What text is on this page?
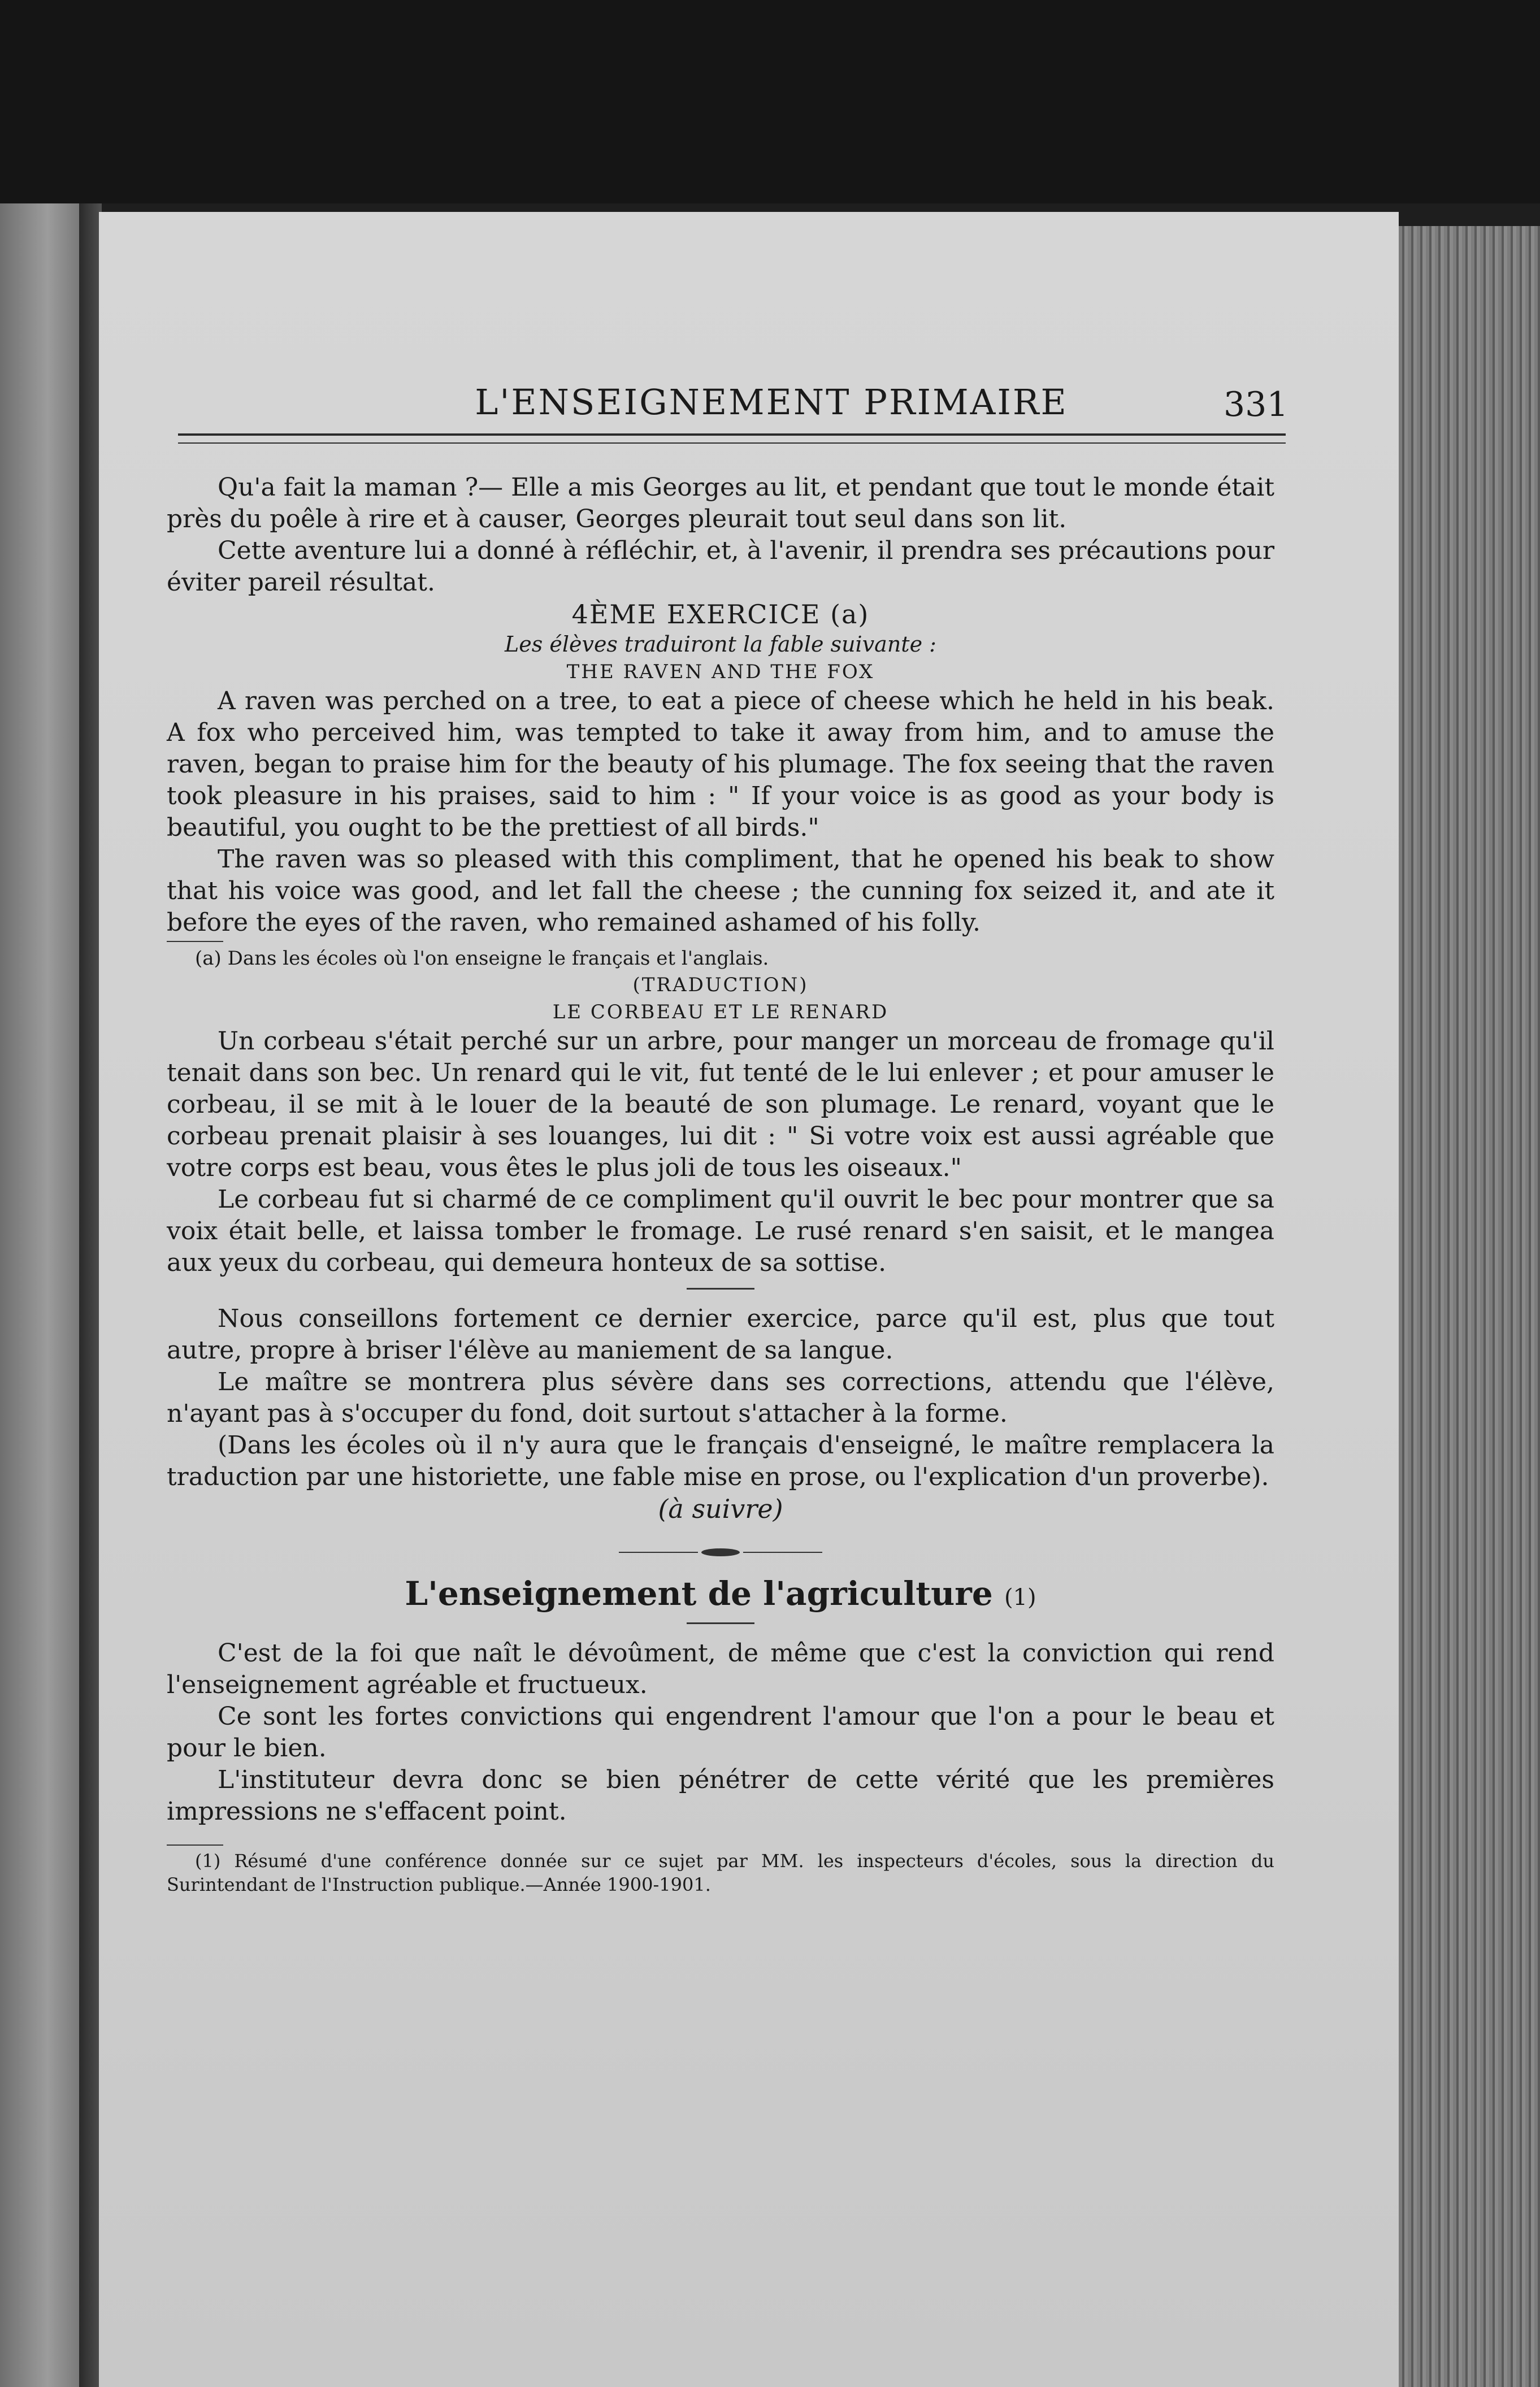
L'ENSEIGNEMENT PRIMAIRE	331

Qu'a fait la maman ?— Elle a mis Georges au lit, et pendant que tout le monde était près du poêle à rire et à causer, Georges pleurait tout seul dans son lit.

Cette aventure lui a donné à réfléchir, et, à l'avenir, il prendra ses précautions pour éviter pareil résultat.

4ÈME EXERCICE (a)

Les élèves traduiront la fable suivante :

THE RAVEN AND THE FOX

A raven was perched on a tree, to eat a piece of cheese which he held in his beak. A fox who perceived him, was tempted to take it away from him, and to amuse the raven, began to praise him for the beauty of his plumage. The fox seeing that the raven took pleasure in his praises, said to him : " If your voice is as good as your body is beautiful, you ought to be the prettiest of all birds."

The raven was so pleased with this compliment, that he opened his beak to show that his voice was good, and let fall the cheese ; the cunning fox seized it, and ate it before the eyes of the raven, who remained ashamed of his folly.

(a) Dans les écoles où l'on enseigne le français et l'anglais.

(TRADUCTION)

LE CORBEAU ET LE RENARD

Un corbeau s'était perché sur un arbre, pour manger un morceau de fromage qu'il tenait dans son bec. Un renard qui le vit, fut tenté de le lui enlever ; et pour amuser le corbeau, il se mit à le louer de la beauté de son plumage. Le renard, voyant que le corbeau prenait plaisir à ses louanges, lui dit : " Si votre voix est aussi agréable que votre corps est beau, vous êtes le plus joli de tous les oiseaux."

Le corbeau fut si charmé de ce compliment qu'il ouvrit le bec pour montrer que sa voix était belle, et laissa tomber le fromage. Le rusé renard s'en saisit, et le mangea aux yeux du corbeau, qui demeura honteux de sa sottise.

Nous conseillons fortement ce dernier exercice, parce qu'il est, plus que tout autre, propre à briser l'élève au maniement de sa langue.

Le maître se montrera plus sévère dans ses corrections, attendu que l'élève, n'ayant pas à s'occuper du fond, doit surtout s'attacher à la forme.

(Dans les écoles où il n'y aura que le français d'enseigné, le maître remplacera la traduction par une historiette, une fable mise en prose, ou l'explication d'un proverbe).

(à suivre)

L'enseignement de l'agriculture (1)

C'est de la foi que naît le dévoûment, de même que c'est la conviction qui rend l'enseignement agréable et fructueux.

Ce sont les fortes convictions qui engendrent l'amour que l'on a pour le beau et pour le bien.

L'instituteur devra donc se bien pénétrer de cette vérité que les premières impressions ne s'effacent point.

(1) Résumé d'une conférence donnée sur ce sujet par MM. les inspecteurs d'écoles, sous la direction du Surintendant de l'Instruction publique.—Année 1900-1901.
